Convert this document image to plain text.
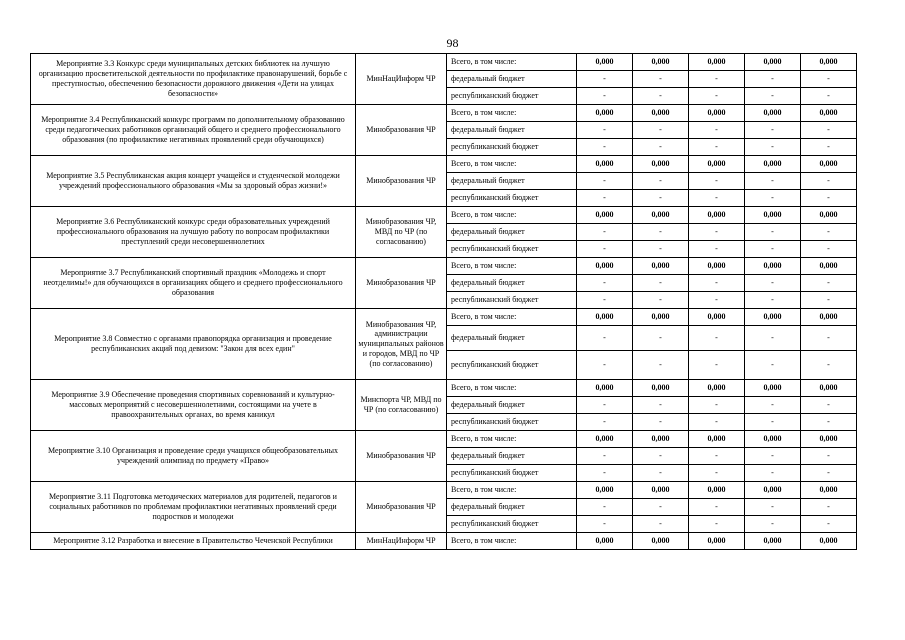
98
Мероприятие 3.3 Конкурс среди муниципальных детских библиотек на лучшую организацию просветительской деятельности по профилактике правонарушений, борьбе с преступностью, обеспечению безопасности дорожного движения «Дети на улицах безопасности»	МинНацИнформ ЧР	Всего, в том числе:	0,000	0,000	0,000	0,000	0,000
		федеральный бюджет	-	-	-	-	-
		республиканский бюджет	-	-	-	-	-
Мероприятие 3.4 Республиканский конкурс программ по дополнительному образованию среди педагогических работников организаций общего и среднего профессионального образования (по профилактике негативных проявлений среди обучающихся)	Минобразования ЧР	Всего, в том числе:	0,000	0,000	0,000	0,000	0,000
		федеральный бюджет	-	-	-	-	-
		республиканский бюджет	-	-	-	-	-
Мероприятие 3.5 Республиканская акция концерт учащейся и студенческой молодежи учреждений профессионального образования «Мы за здоровый образ жизни!»	Минобразования ЧР	Всего, в том числе:	0,000	0,000	0,000	0,000	0,000
		федеральный бюджет	-	-	-	-	-
		республиканский бюджет	-	-	-	-	-
Мероприятие 3.6 Республиканский конкурс среди образовательных учреждений профессионального образования на лучшую работу по вопросам профилактики преступлений среди несовершеннолетних	Минобразования ЧР, МВД по ЧР (по согласованию)	Всего, в том числе:	0,000	0,000	0,000	0,000	0,000
		федеральный бюджет	-	-	-	-	-
		республиканский бюджет	-	-	-	-	-
Мероприятие 3.7 Республиканский спортивный праздник «Молодежь и спорт неотделимы!» для обучающихся в организациях общего и среднего профессионального образования	Минобразования ЧР	Всего, в том числе:	0,000	0,000	0,000	0,000	0,000
		федеральный бюджет	-	-	-	-	-
		республиканский бюджет	-	-	-	-	-
Мероприятие 3.8 Совместно с органами правопорядка организация и проведение республиканских акций под девизом: "Закон для всех един"	Минобразования ЧР, администрации муниципальных районов и городов, МВД по ЧР (по согласованию)	Всего, в том числе:	0,000	0,000	0,000	0,000	0,000
		федеральный бюджет	-	-	-	-	-
		республиканский бюджет	-	-	-	-	-
Мероприятие 3.9 Обеспечение проведения спортивных соревнований и культурно-массовых мероприятий с несовершеннолетними, состоящими на учете в правоохранительных органах, во время каникул	Минспорта ЧР, МВД по ЧР (по согласованию)	Всего, в том числе:	0,000	0,000	0,000	0,000	0,000
		федеральный бюджет	-	-	-	-	-
		республиканский бюджет	-	-	-	-	-
Мероприятие 3.10 Организация и проведение среди учащихся общеобразовательных учреждений олимпиад по предмету «Право»	Минобразования ЧР	Всего, в том числе:	0,000	0,000	0,000	0,000	0,000
		федеральный бюджет	-	-	-	-	-
		республиканский бюджет	-	-	-	-	-
Мероприятие 3.11 Подготовка методических материалов для родителей, педагогов и социальных работников по проблемам профилактики негативных проявлений среди подростков и молодежи	Минобразования ЧР	Всего, в том числе:	0,000	0,000	0,000	0,000	0,000
		федеральный бюджет	-	-	-	-	-
		республиканский бюджет	-	-	-	-	-
Мероприятие 3.12 Разработка и внесение в Правительство Чеченской Республики	МинНацИнформ ЧР	Всего, в том числе:	0,000	0,000	0,000	0,000	0,000
